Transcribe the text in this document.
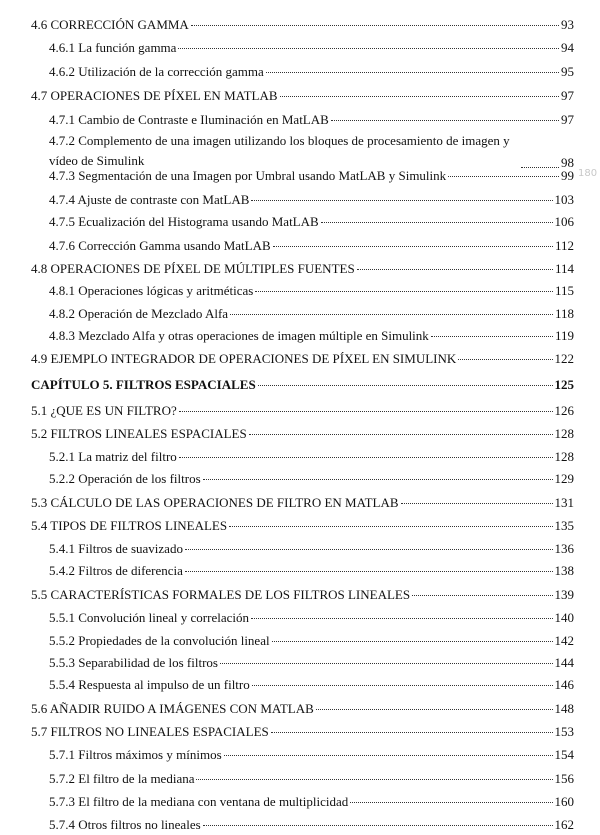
4.6 CORRECCIÓN GAMMA	93
4.6.1 La función gamma	94
4.6.2 Utilización de la corrección gamma	95
4.7 OPERACIONES DE PÍXEL EN MATLAB	97
4.7.1 Cambio de Contraste e Iluminación en MatLAB	97
4.7.2 Complemento de una imagen utilizando los bloques de procesamiento de imagen y vídeo de Simulink	98
4.7.3 Segmentación de una Imagen por Umbral usando MatLAB y Simulink	99
4.7.4 Ajuste de contraste con MatLAB	103
4.7.5 Ecualización del Histograma usando MatLAB	106
4.7.6 Corrección Gamma usando MatLAB	112
4.8 OPERACIONES DE PÍXEL DE MÚLTIPLES FUENTES	114
4.8.1 Operaciones lógicas y aritméticas	115
4.8.2 Operación de Mezclado Alfa	118
4.8.3 Mezclado Alfa y otras operaciones de imagen múltiple en Simulink	119
4.9 EJEMPLO INTEGRADOR DE OPERACIONES DE PÍXEL EN SIMULINK	122
CAPÍTULO 5. FILTROS ESPACIALES	125
5.1 ¿QUE ES UN FILTRO?	126
5.2 FILTROS LINEALES ESPACIALES	128
5.2.1 La matriz del filtro	128
5.2.2 Operación de los filtros	129
5.3 CÁLCULO DE LAS OPERACIONES DE FILTRO EN MATLAB	131
5.4 TIPOS DE FILTROS LINEALES	135
5.4.1 Filtros de suavizado	136
5.4.2 Filtros de diferencia	138
5.5 CARACTERÍSTICAS FORMALES DE LOS FILTROS LINEALES	139
5.5.1 Convolución lineal y correlación	140
5.5.2 Propiedades de la convolución lineal	142
5.5.3 Separabilidad de los filtros	144
5.5.4 Respuesta al impulso de un filtro	146
5.6 AÑADIR RUIDO A IMÁGENES CON MATLAB	148
5.7 FILTROS NO LINEALES ESPACIALES	153
5.7.1 Filtros máximos y mínimos	154
5.7.2 El filtro de la mediana	156
5.7.3 El filtro de la mediana con ventana de multiplicidad	160
5.7.4 Otros filtros no lineales	162
180
